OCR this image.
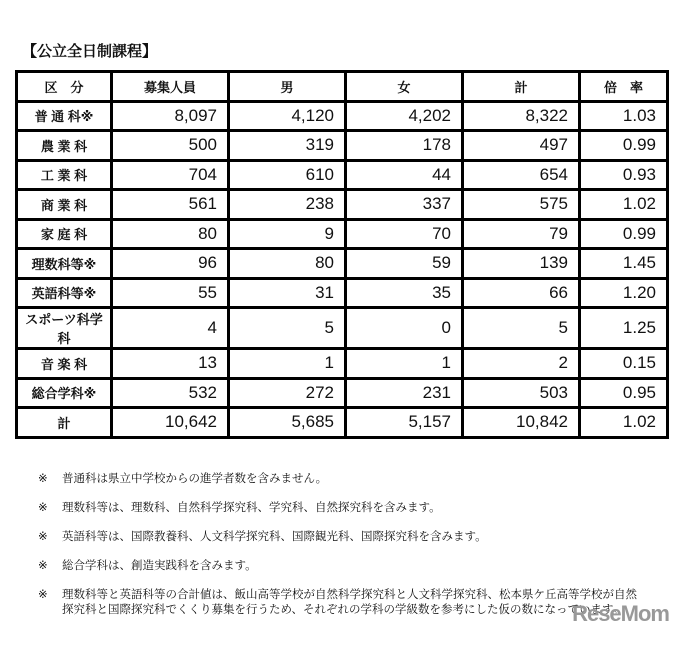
【公立全日制課程】
区　分	募集人員	男	女	計	倍　率
普 通 科※	8,097	4,120	4,202	8,322	1.03
農 業 科	500	319	178	497	0.99
工 業 科	704	610	44	654	0.93
商 業 科	561	238	337	575	1.02
家 庭 科	80	9	70	79	0.99
理数科等※	96	80	59	139	1.45
英語科等※	55	31	35	66	1.20
スポーツ科学科	4	5	0	5	1.25
音 楽 科	13	1	1	2	0.15
総合学科※	532	272	231	503	0.95
計	10,642	5,685	5,157	10,842	1.02
※	普通科は県立中学校からの進学者数を含みません。
※	理数科等は、理数科、自然科学探究科、学究科、自然探究科を含みます。
※	英語科等は、国際教養科、人文科学探究科、国際観光科、国際探究科を含みます。
※	総合学科は、創造実践科を含みます。
※	理数科等と英語科等の合計値は、飯山高等学校が自然科学探究科と人文科学探究科、松本県ケ丘高等学校が自然探究科と国際探究科でくくり募集を行うため、それぞれの学科の学級数を参考にした仮の数になっています。
ReseMom
